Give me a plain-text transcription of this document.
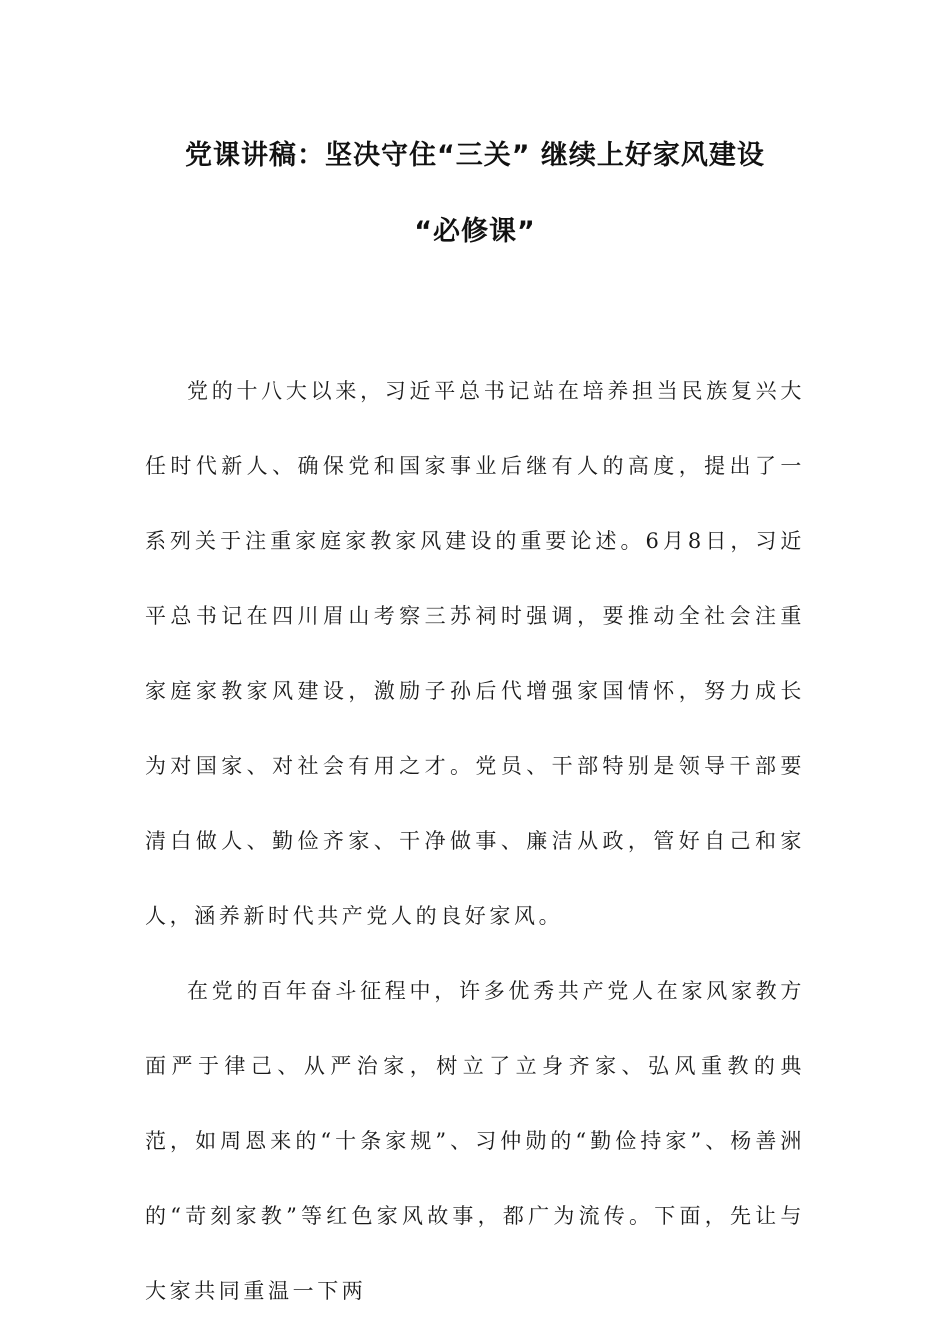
党课讲稿：坚决守住“三关” 继续上好家风建设
“必修课”

党的十八大以来，习近平总书记站在培养担当民族复兴大任时代新人、确保党和国家事业后继有人的高度，提出了一系列关于注重家庭家教家风建设的重要论述。6月8日，习近平总书记在四川眉山考察三苏祠时强调，要推动全社会注重家庭家教家风建设，激励子孙后代增强家国情怀，努力成长为对国家、对社会有用之才。党员、干部特别是领导干部要清白做人、勤俭齐家、干净做事、廉洁从政，管好自己和家人，涵养新时代共产党人的良好家风。

在党的百年奋斗征程中，许多优秀共产党人在家风家教方面严于律己、从严治家，树立了立身齐家、弘风重教的典范，如周恩来的“十条家规”、习仲勋的“勤俭持家”、杨善洲的“苛刻家教”等红色家风故事，都广为流传。下面，先让与大家共同重温一下两
